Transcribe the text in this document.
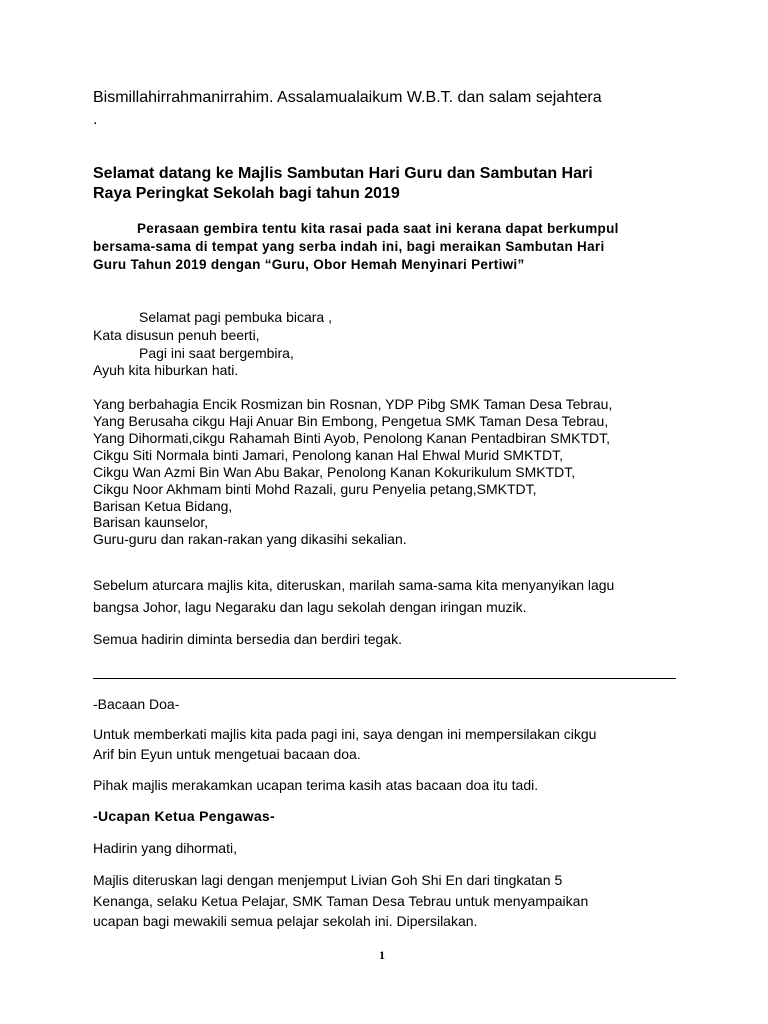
Bismillahirrahmanirrahim. Assalamualaikum W.B.T. dan salam sejahtera
.
Selamat datang ke Majlis Sambutan Hari Guru dan Sambutan Hari
Raya Peringkat Sekolah bagi tahun 2019
Perasaan gembira tentu kita rasai pada saat ini kerana dapat berkumpul
bersama-sama di tempat yang serba indah ini, bagi meraikan Sambutan Hari
Guru Tahun 2019 dengan “Guru, Obor Hemah Menyinari Pertiwi”
Selamat pagi pembuka bicara ,
Kata disusun penuh beerti,
Pagi ini saat bergembira,
Ayuh kita hiburkan hati.
Yang berbahagia Encik Rosmizan bin Rosnan, YDP Pibg SMK Taman Desa Tebrau,
Yang Berusaha cikgu Haji Anuar Bin Embong, Pengetua SMK Taman Desa Tebrau,
Yang Dihormati,cikgu Rahamah Binti Ayob, Penolong Kanan Pentadbiran SMKTDT,
Cikgu Siti Normala binti Jamari, Penolong kanan Hal Ehwal Murid SMKTDT,
Cikgu Wan Azmi Bin Wan Abu Bakar, Penolong Kanan Kokurikulum SMKTDT,
Cikgu Noor Akhmam binti Mohd Razali, guru Penyelia petang,SMKTDT,
Barisan Ketua Bidang,
Barisan kaunselor,
Guru-guru dan rakan-rakan yang dikasihi sekalian.
Sebelum aturcara majlis kita, diteruskan, marilah sama-sama kita menyanyikan lagu
bangsa Johor, lagu Negaraku dan lagu sekolah dengan iringan muzik.
Semua hadirin diminta bersedia dan berdiri tegak.
-Bacaan Doa-
Untuk memberkati majlis kita pada pagi ini, saya dengan ini mempersilakan cikgu
Arif bin Eyun untuk mengetuai bacaan doa.
Pihak majlis merakamkan ucapan terima kasih atas bacaan doa itu tadi.
-Ucapan Ketua Pengawas-
Hadirin yang dihormati,
Majlis diteruskan lagi dengan menjemput Livian Goh Shi En dari tingkatan 5
Kenanga, selaku Ketua Pelajar, SMK Taman Desa Tebrau untuk menyampaikan
ucapan bagi mewakili semua pelajar sekolah ini. Dipersilakan.
1
